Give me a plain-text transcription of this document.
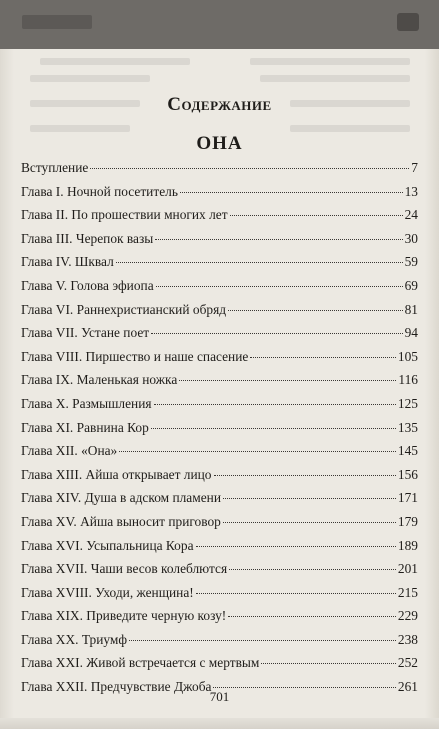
Содержание
ОНА
Вступление	7
Глава I. Ночной посетитель	13
Глава II. По прошествии многих лет	24
Глава III. Черепок вазы	30
Глава IV. Шквал	59
Глава V. Голова эфиопа	69
Глава VI. Раннехристианский обряд	81
Глава VII. Устане поет	94
Глава VIII. Пиршество и наше спасение	105
Глава IX. Маленькая ножка	116
Глава X. Размышления	125
Глава XI. Равнина Кор	135
Глава XII. «Она»	145
Глава XIII. Айша открывает лицо	156
Глава XIV. Душа в адском пламени	171
Глава XV. Айша выносит приговор	179
Глава XVI. Усыпальница Кора	189
Глава XVII. Чаши весов колеблются	201
Глава XVIII. Уходи, женщина!	215
Глава XIX. Приведите черную козу!	229
Глава XX. Триумф	238
Глава XXI. Живой встречается с мертвым	252
Глава XXII. Предчувствие Джоба	261
701
